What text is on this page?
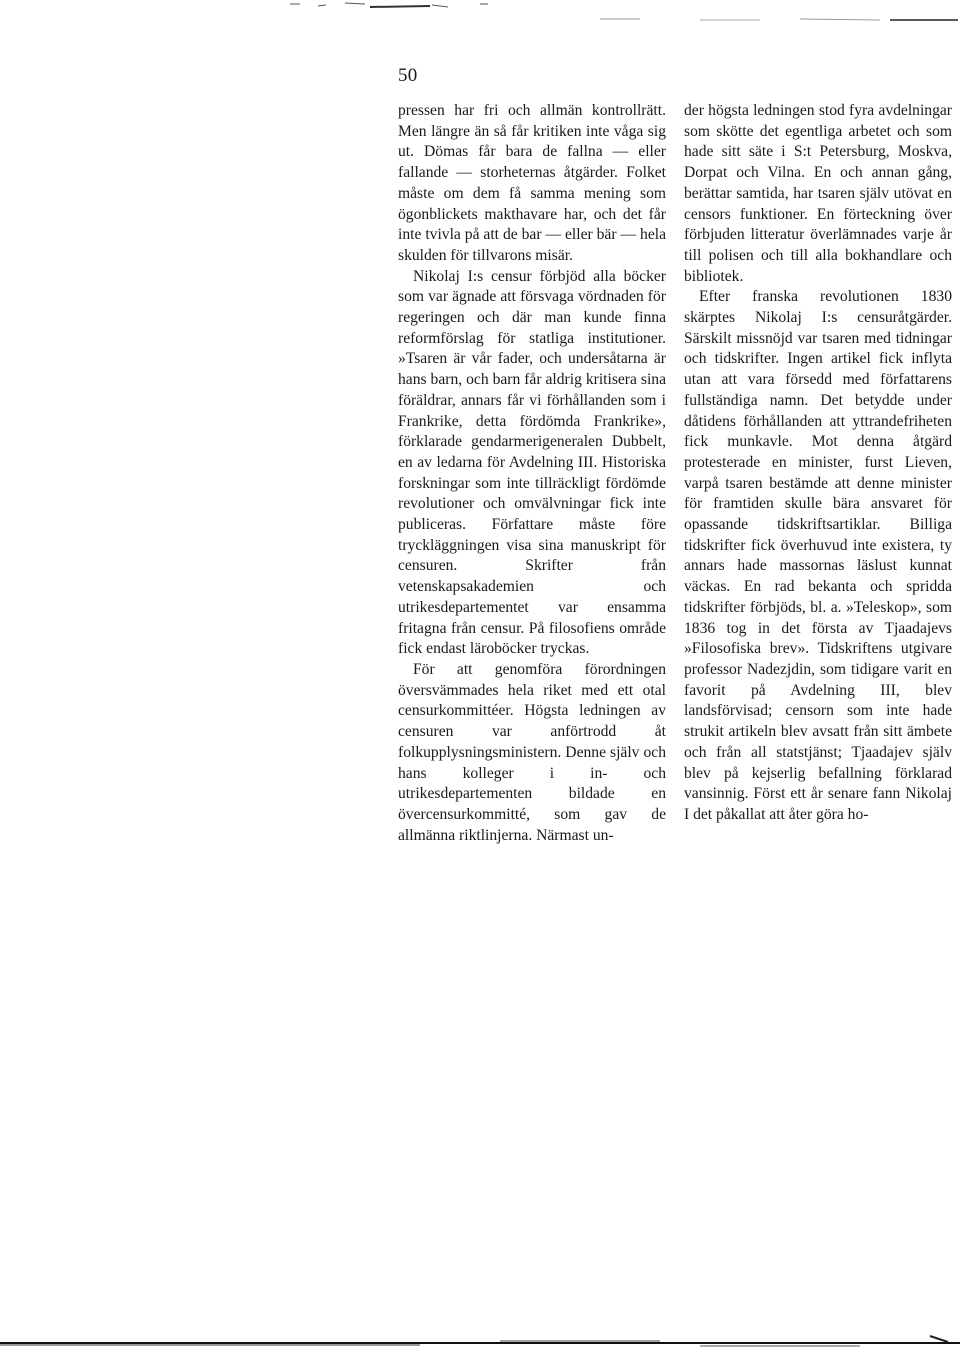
50

pressen har fri och allmän kontrollrätt. Men längre än så får kritiken inte våga sig ut. Dömas får bara de fallna — eller fallande — storheternas åtgärder. Folket måste om dem få samma mening som ögonblickets makthavare har, och det får inte tvivla på att de bar — eller bär — hela skulden för tillvarons misär.

Nikolaj I:s censur förbjöd alla böcker som var ägnade att försvaga vördnaden för regeringen och där man kunde finna reformförslag för statliga institutioner. »Tsaren är vår fader, och undersåtarna är hans barn, och barn får aldrig kritisera sina föräldrar, annars får vi förhållanden som i Frankrike, detta fördömda Frankrike», förklarade gendarmerigeneralen Dubbelt, en av ledarna för Avdelning III. Historiska forskningar som inte tillräckligt fördömde revolutioner och omvälvningar fick inte publiceras. Författare måste före tryckläggningen visa sina manuskript för censuren. Skrifter från vetenskapsakademien och utrikesdepartementet var ensamma fritagna från censur. På filosofiens område fick endast läroböcker tryckas.

För att genomföra förordningen översvämmades hela riket med ett otal censurkommittéer. Högsta ledningen av censuren var anförtrodd åt folkupplysningsministern. Denne själv och hans kolleger i in- och utrikesdepartementen bildade en övercensurkommitté, som gav de allmänna riktlinjerna. Närmast un-

der högsta ledningen stod fyra avdelningar som skötte det egentliga arbetet och som hade sitt säte i S:t Petersburg, Moskva, Dorpat och Vilna. En och annan gång, berättar samtida, har tsaren själv utövat en censors funktioner. En förteckning över förbjuden litteratur överlämnades varje år till polisen och till alla bokhandlare och bibliotek.

Efter franska revolutionen 1830 skärptes Nikolaj I:s censuråtgärder. Särskilt missnöjd var tsaren med tidningar och tidskrifter. Ingen artikel fick inflyta utan att vara försedd med författarens fullständiga namn. Det betydde under dåtidens förhållanden att yttrandefriheten fick munkavle. Mot denna åtgärd protesterade en minister, furst Lieven, varpå tsaren bestämde att denne minister för framtiden skulle bära ansvaret för opassande tidskriftsartiklar. Billiga tidskrifter fick överhuvud inte existera, ty annars hade massornas läslust kunnat väckas. En rad bekanta och spridda tidskrifter förbjöds, bl. a. »Teleskop», som 1836 tog in det första av Tjaadajevs »Filosofiska brev». Tidskriftens utgivare professor Nadezjdin, som tidigare varit en favorit på Avdelning III, blev landsförvisad; censorn som inte hade strukit artikeln blev avsatt från sitt ämbete och från all statstjänst; Tjaadajev själv blev på kejserlig befallning förklarad vansinnig. Först ett år senare fann Nikolaj I det påkallat att åter göra ho-
